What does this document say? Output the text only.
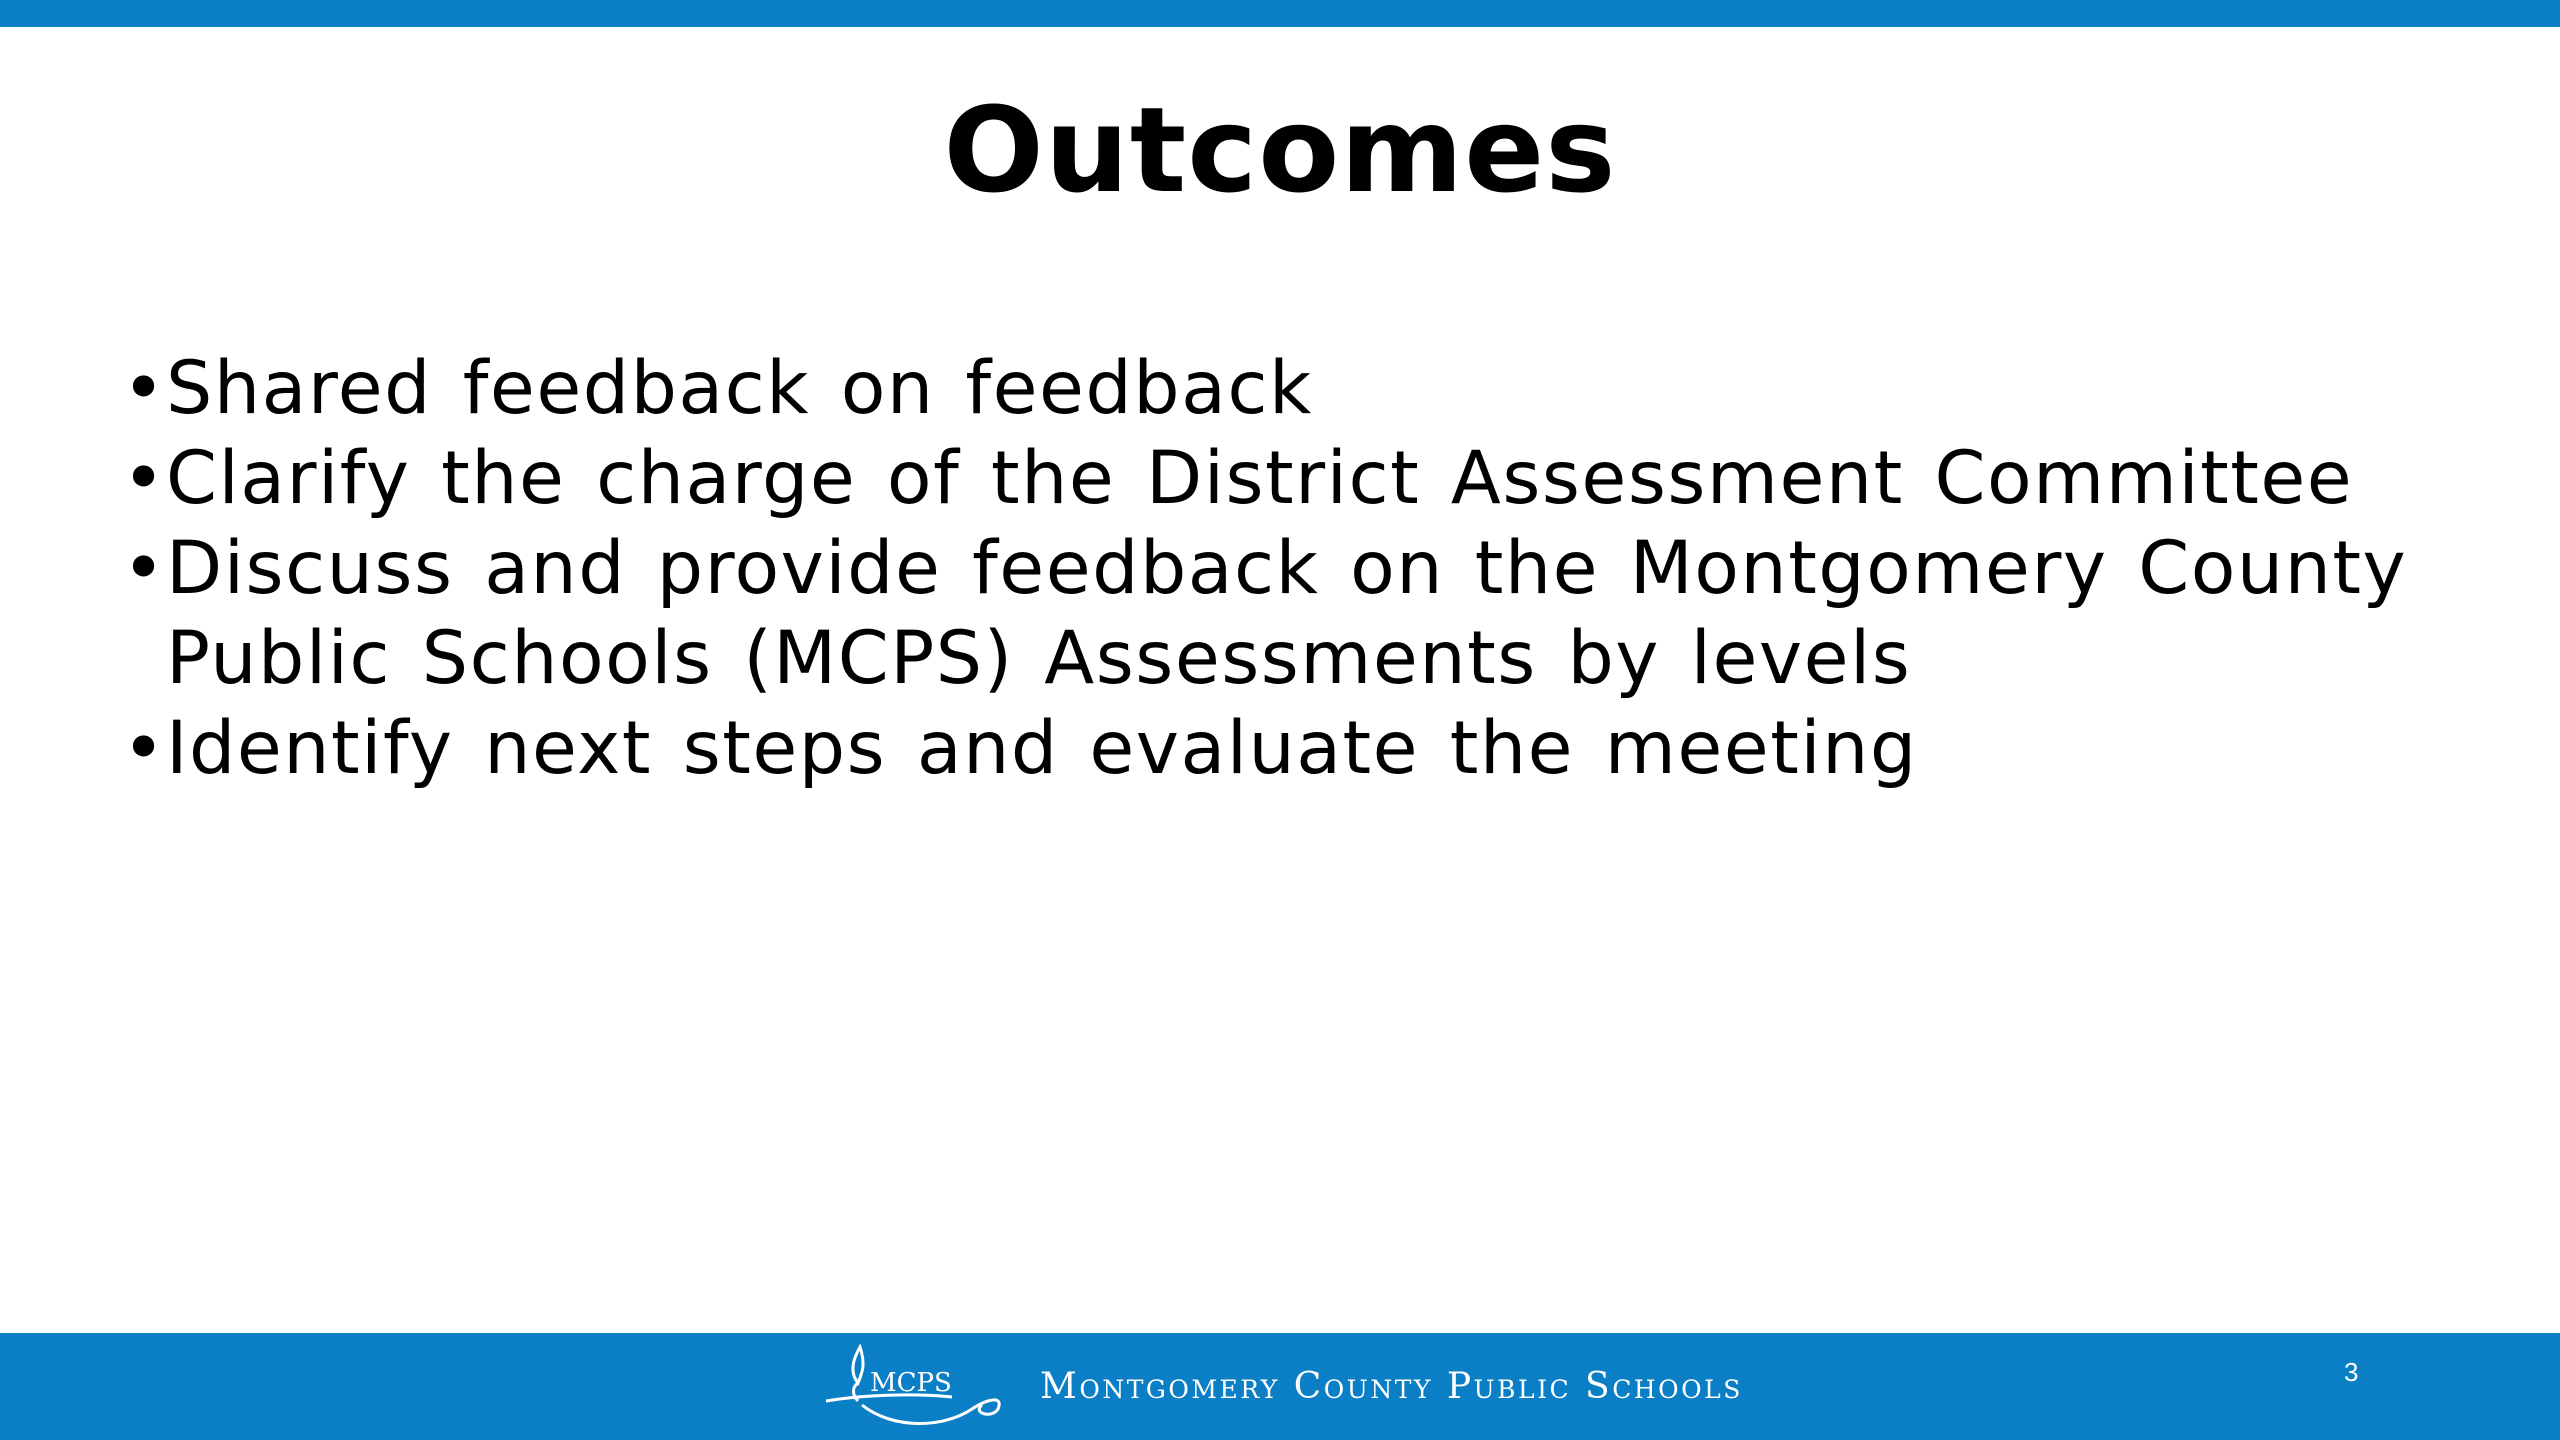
Outcomes
• Shared feedback on feedback
• Clarify the charge of the District Assessment Committee
• Discuss and provide feedback on the Montgomery County Public Schools (MCPS) Assessments by levels
• Identify next steps and evaluate the meeting
MCPS Montgomery County Public Schools	3
